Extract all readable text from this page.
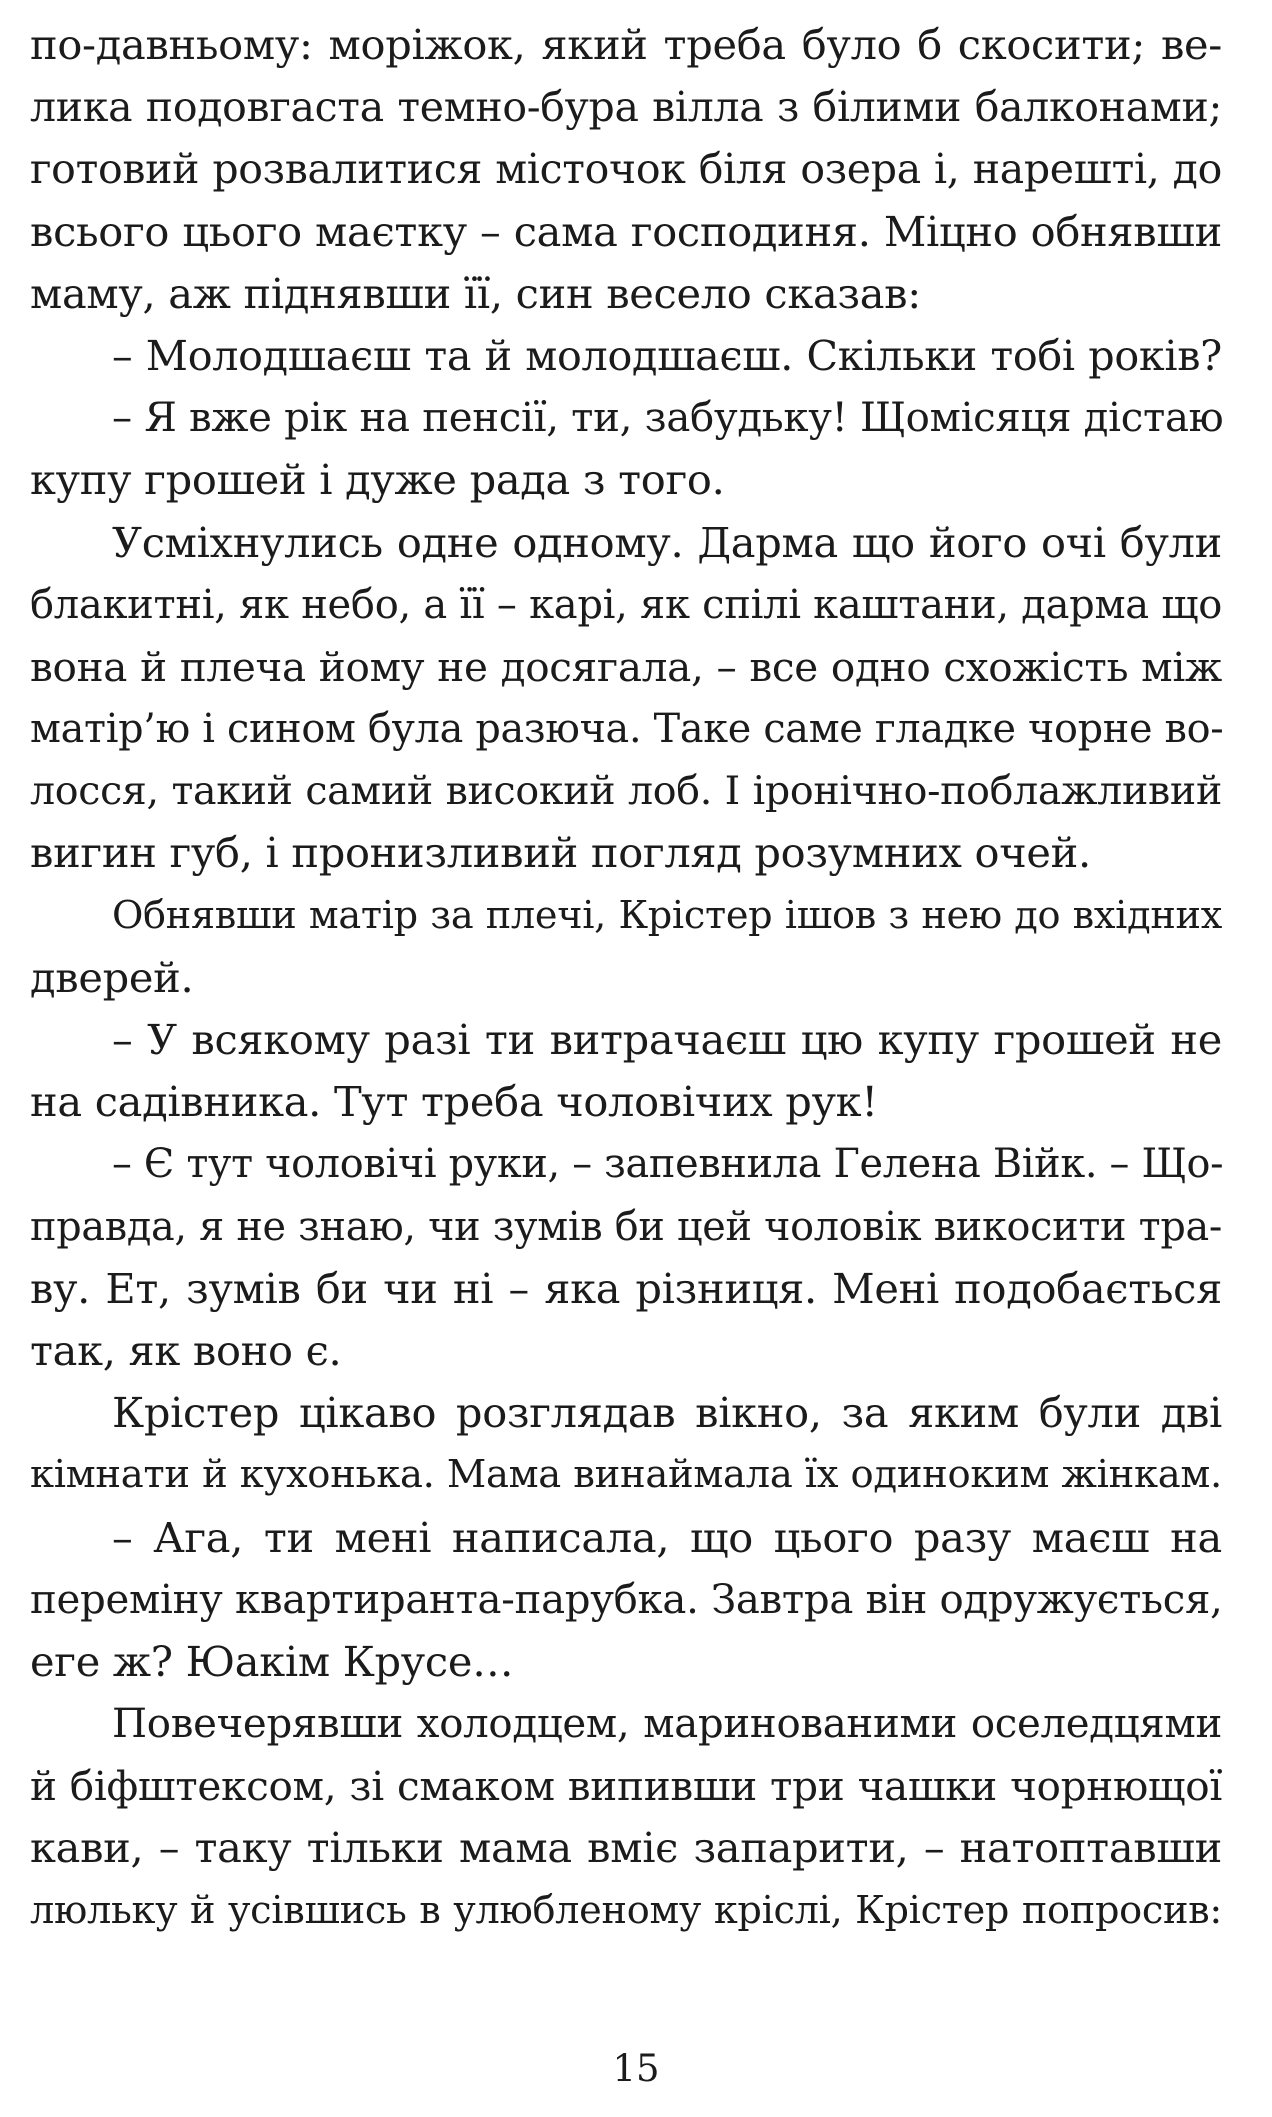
по-давньому: моріжок, який треба було б скосити; ве-
лика подовгаста темно-бура вілла з білими балконами;
готовий розвалитися місточок біля озера і, нарешті, до
всього цього маєтку – сама господиня. Міцно обнявши
маму, аж піднявши її, син весело сказав:
– Молодшаєш та й молодшаєш. Скільки тобі років?
– Я вже рік на пенсії, ти, забудьку! Щомісяця дістаю
купу грошей і дуже рада з того.
Усміхнулись одне одному. Дарма що його очі були
блакитні, як небо, а її – карі, як спілі каштани, дарма що
вона й плеча йому не досягала, – все одно схожість між
матір’ю і сином була разюча. Таке саме гладке чорне во-
лосся, такий самий високий лоб. І іронічно-поблажливий
вигин губ, і пронизливий погляд розумних очей.
Обнявши матір за плечі, Крістер ішов з нею до вхідних
дверей.
– У всякому разі ти витрачаєш цю купу грошей не
на садівника. Тут треба чоловічих рук!
– Є тут чоловічі руки, – запевнила Гелена Війк. – Що-
правда, я не знаю, чи зумів би цей чоловік викосити тра-
ву. Ет, зумів би чи ні – яка різниця. Мені подобається
так, як воно є.
Крістер цікаво розглядав вікно, за яким були дві
кімнати й кухонька. Мама винаймала їх одиноким жінкам.
– Ага, ти мені написала, що цього разу маєш на
переміну квартиранта-парубка. Завтра він одружується,
еге ж? Юакім Крусе…
Повечерявши холодцем, маринованими оселедцями
й біфштексом, зі смаком випивши три чашки чорнющої
кави, – таку тільки мама вміє запарити, – натоптавши
люльку й усівшись в улюбленому кріслі, Крістер попросив:
15
